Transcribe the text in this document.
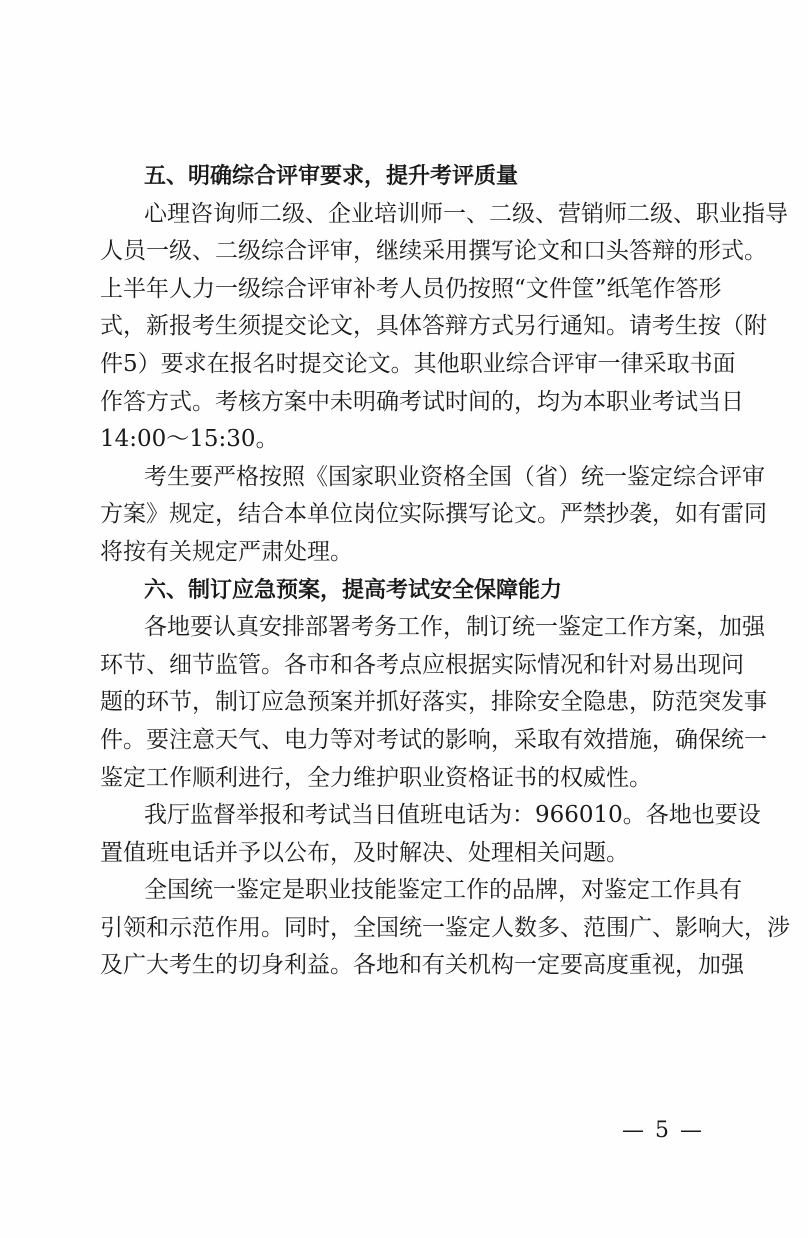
五、明确综合评审要求，提升考评质量
心理咨询师二级、企业培训师一、二级、营销师二级、职业指导
人员一级、二级综合评审，继续采用撰写论文和口头答辩的形式。
上半年人力一级综合评审补考人员仍按照“文件筐”纸笔作答形
式，新报考生须提交论文，具体答辩方式另行通知。请考生按（附
件5）要求在报名时提交论文。其他职业综合评审一律采取书面
作答方式。考核方案中未明确考试时间的，均为本职业考试当日
14:00～15:30。
考生要严格按照《国家职业资格全国（省）统一鉴定综合评审
方案》规定，结合本单位岗位实际撰写论文。严禁抄袭，如有雷同
将按有关规定严肃处理。
六、制订应急预案，提高考试安全保障能力
各地要认真安排部署考务工作，制订统一鉴定工作方案，加强
环节、细节监管。各市和各考点应根据实际情况和针对易出现问
题的环节，制订应急预案并抓好落实，排除安全隐患，防范突发事
件。要注意天气、电力等对考试的影响，采取有效措施，确保统一
鉴定工作顺利进行，全力维护职业资格证书的权威性。
我厅监督举报和考试当日值班电话为：966010。各地也要设
置值班电话并予以公布，及时解决、处理相关问题。
全国统一鉴定是职业技能鉴定工作的品牌，对鉴定工作具有
引领和示范作用。同时，全国统一鉴定人数多、范围广、影响大，涉
及广大考生的切身利益。各地和有关机构一定要高度重视，加强
— 5 —
